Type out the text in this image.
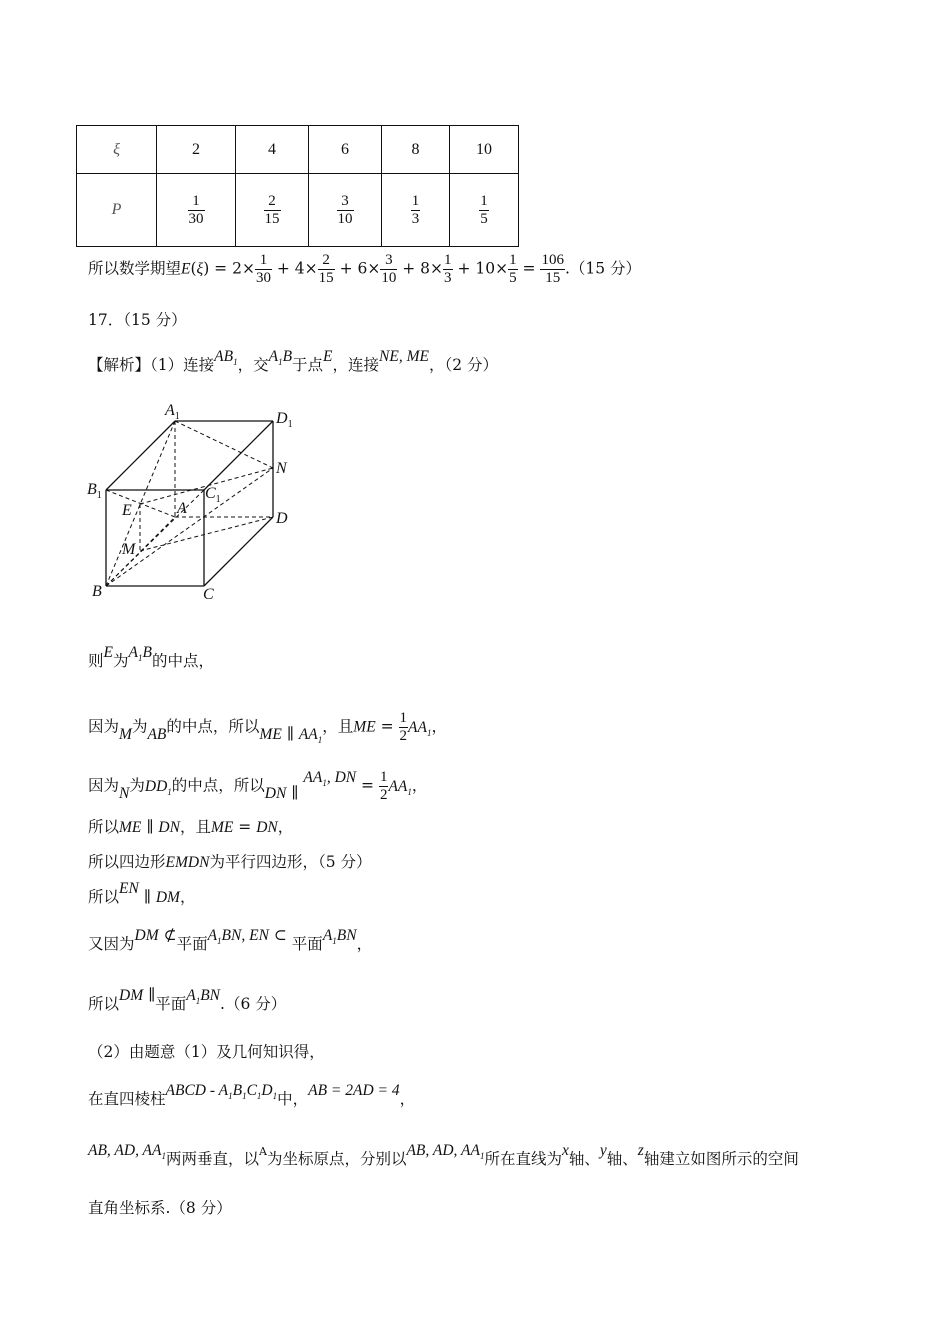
ξ	2	4	6	8	10
P	$\frac{1}{30}$	$\frac{2}{15}$	$\frac{3}{10}$	$\frac{1}{3}$	$\frac{1}{5}$
所以数学期望$E(\xi) = 2\times \frac{1}{30} + 4\times \frac{2}{15} + 6\times \frac{3}{10} + 8\times \frac{1}{3} + 10\times \frac{1}{5} = \frac{106}{15} .(15$ 分）
17．（15 分）
【解析】（1）连接$AB_1$，交$A_1B$于点E，连接NE, ME，（2 分）
$A_1$	$D_1$
N
$B_1$	$C_1$
E	A
D
M
B	C
则E为$A_1B$的中点，
因为M为AB的中点，所以ME ∥ $AA_1$，且ME = $\frac{1}{2} AA_1$，
因为N为$DD_1$的中点，所以DN ∥ $AA_1$, DN = $\frac{1}{2} AA_1$，
所以ME ∥ DN，且ME = DN，
所以四边形EMDN为平行四边形，（5 分）
所以EN ∥ DM，
又因为DM ⊄平面$A_1BN$, EN ⊂ 平面$A_1BN$，
所以DM ∥平面$A_1BN.(6$ 分）
（2）由题意（1）及几何知识得，
在直四棱柱ABCD - $A_1B_1C_1D_1$中，AB = 2AD = 4，
AB, AD, $AA_1$两两垂直，以$^A$为坐标原点，分别以AB, AD, $AA_1$所在直线为x轴、y轴、z轴建立如图所示的空间
直角坐标系.（8 分）
